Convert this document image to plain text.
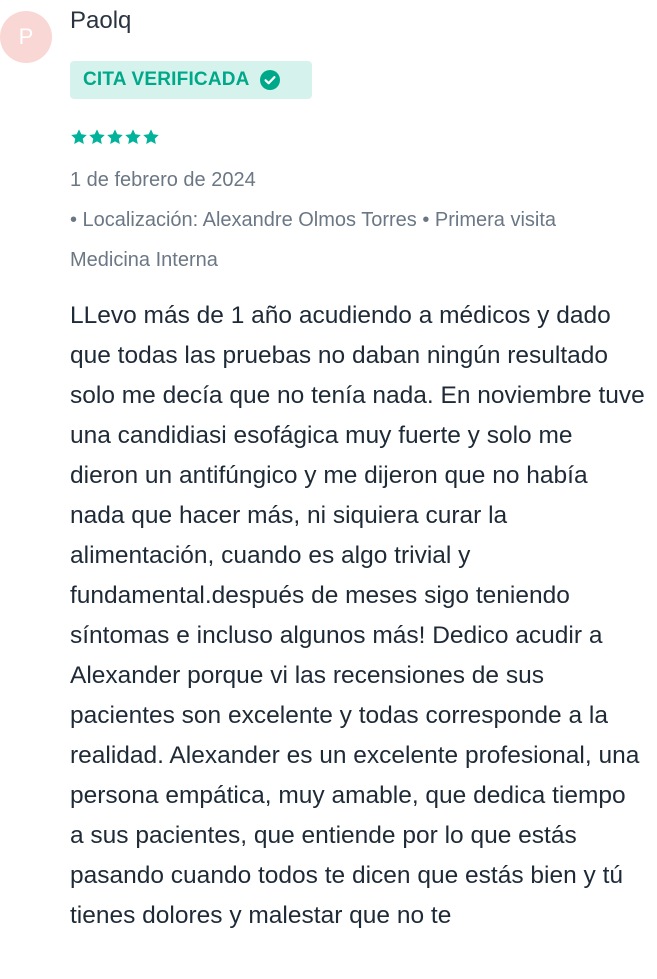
P
Paolq
CITA VERIFICADA
1 de febrero de 2024
• Localización: Alexandre Olmos Torres • Primera visita
Medicina Interna

LLevo más de 1 año acudiendo a médicos y dado que todas las pruebas no daban ningún resultado solo me decía que no tenía nada. En noviembre tuve una candidiasi esofágica muy fuerte y solo me dieron un antifúngico y me dijeron que no había nada que hacer más, ni siquiera curar la alimentación, cuando es algo trivial y fundamental.después de meses sigo teniendo síntomas e incluso algunos más! Dedico acudir a Alexander porque vi las recensiones de sus pacientes son excelente y todas corresponde a la realidad. Alexander es un excelente profesional, una persona empática, muy amable, que dedica tiempo a sus pacientes, que entiende por lo que estás pasando cuando todos te dicen que estás bien y tú tienes dolores y malestar que no te
